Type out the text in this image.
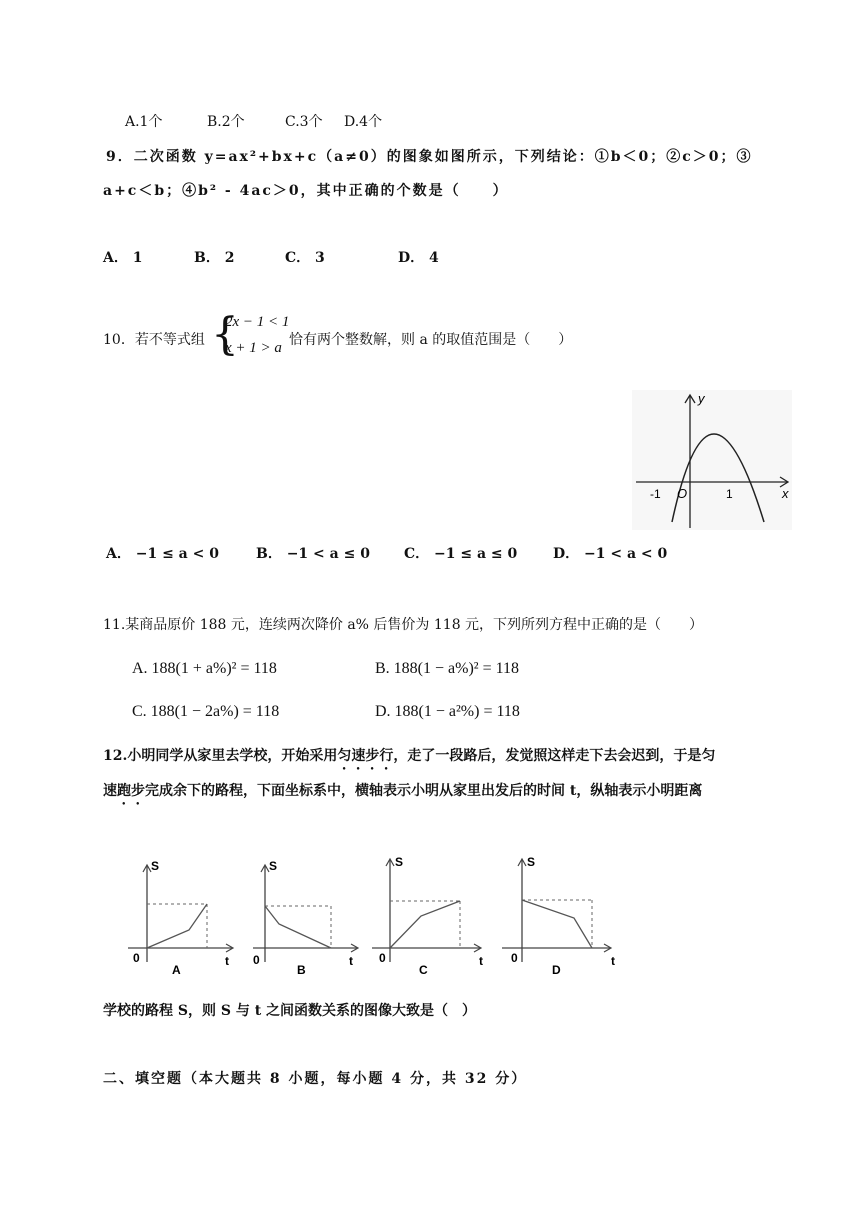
A.1个	B.2个	C.3个 D.4个
9．二次函数 y=ax²+bx+c（a≠0）的图象如图所示，下列结论：①b＜0；②c＞0；③
a+c＜b；④b² - 4ac＞0，其中正确的个数是（　　）
A． 1	B． 2	C． 3	D． 4
10．若不等式组 {
2x − 1 < 1
x + 1 > a 恰有两个整数解，则 a 的取值范围是（　　）
y
x
O
-1	1
A． −1 ≤ a < 0	B． −1 < a ≤ 0 C． −1 ≤ a ≤ 0	D． −1 < a < 0
11.某商品原价 188 元，连续两次降价 a% 后售价为 118 元，下列所列方程中正确的是（　　）
A. 188(1 + a%)² = 118	B. 188(1 − a%)² = 118
C. 188(1 − 2a%) = 118	D. 188(1 − a²%) = 118
12.小明同学从家里去学校，开始采用匀速步行，走了一段路后，发觉照这样走下去会迟到，于是匀
速跑步完成余下的路程，下面坐标系中，横轴表示小明从家里出发后的时间 t，纵轴表示小明距离
S
0	t
A
S
0	t
B
S
0	t
C
S
0	t
D
学校的路程 S，则 S 与 t 之间函数关系的图像大致是（　）
二、填空题（本大题共 8 小题，每小题 4 分，共 32 分）
